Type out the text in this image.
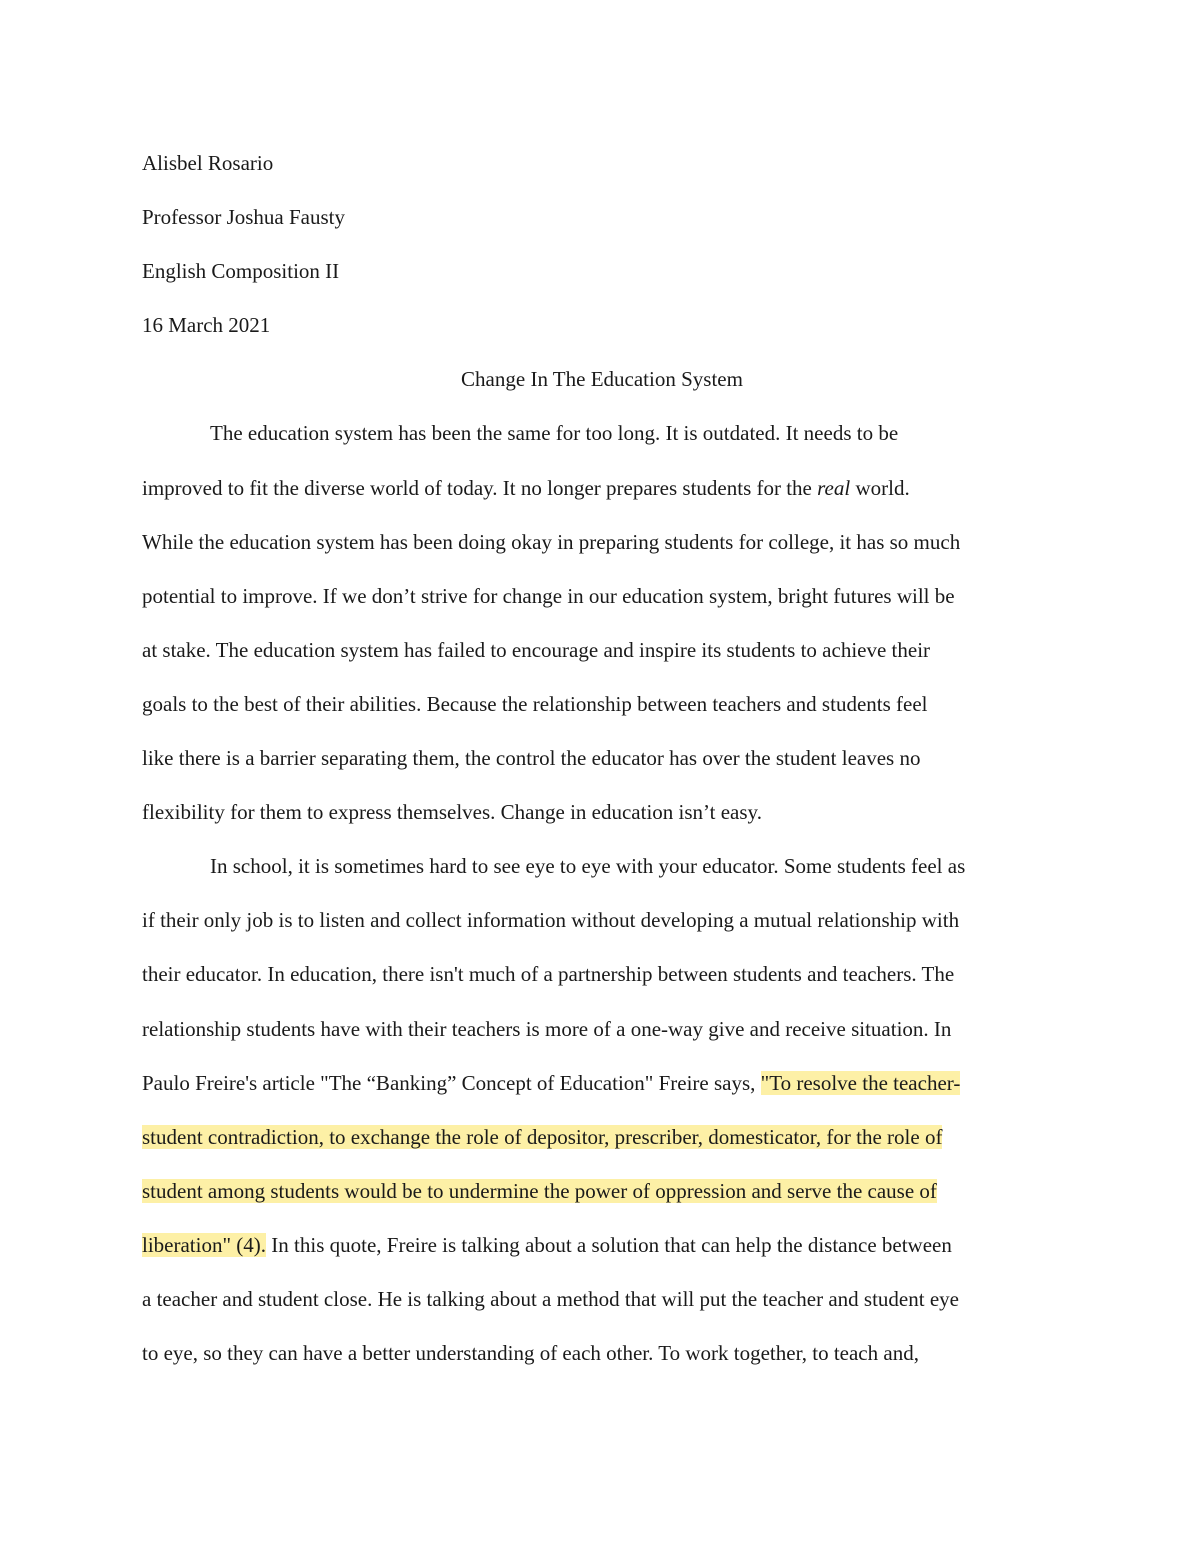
Alisbel Rosario

Professor Joshua Fausty

English Composition II

16 March 2021

Change In The Education System

The education system has been the same for too long. It is outdated. It needs to be

improved to fit the diverse world of today. It no longer prepares students for the real world.

While the education system has been doing okay in preparing students for college, it has so much

potential to improve. If we don’t strive for change in our education system, bright futures will be

at stake. The education system has failed to encourage and inspire its students to achieve their

goals to the best of their abilities. Because the relationship between teachers and students feel

like there is a barrier separating them, the control the educator has over the student leaves no

flexibility for them to express themselves. Change in education isn’t easy.

In school, it is sometimes hard to see eye to eye with your educator. Some students feel as

if their only job is to listen and collect information without developing a mutual relationship with

their educator. In education, there isn't much of a partnership between students and teachers. The

relationship students have with their teachers is more of a one-way give and receive situation. In

Paulo Freire's article "The “Banking” Concept of Education" Freire says, "To resolve the teacher-

student contradiction, to exchange the role of depositor, prescriber, domesticator, for the role of

student among students would be to undermine the power of oppression and serve the cause of

liberation" (4). In this quote, Freire is talking about a solution that can help the distance between

a teacher and student close. He is talking about a method that will put the teacher and student eye

to eye, so they can have a better understanding of each other. To work together, to teach and,
